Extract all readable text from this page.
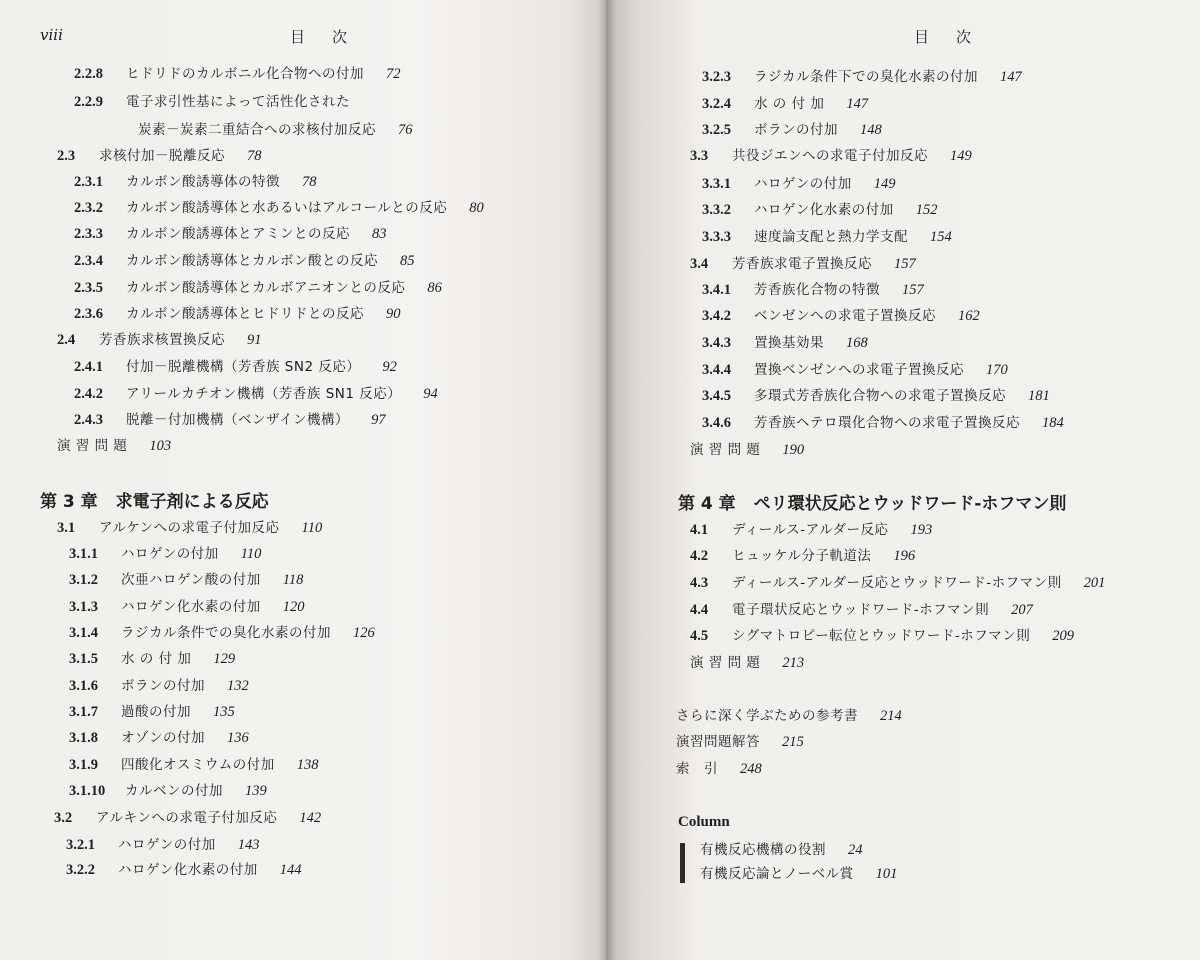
viii	目　次
2.2.8 ヒドリドのカルボニル化合物への付加 72
2.2.9 電子求引性基によって活性化された
炭素－炭素二重結合への求核付加反応 76
2.3 求核付加－脱離反応 78
2.3.1 カルボン酸誘導体の特徴 78
2.3.2 カルボン酸誘導体と水あるいはアルコールとの反応 80
2.3.3 カルボン酸誘導体とアミンとの反応 83
2.3.4 カルボン酸誘導体とカルボン酸との反応 85
2.3.5 カルボン酸誘導体とカルボアニオンとの反応 86
2.3.6 カルボン酸誘導体とヒドリドとの反応 90
2.4 芳香族求核置換反応 91
2.4.1 付加－脱離機構（芳香族 SN2 反応） 92
2.4.2 アリールカチオン機構（芳香族 SN1 反応） 94
2.4.3 脱離－付加機構（ベンザイン機構） 97
演 習 問 題 103
第 3 章 求電子剤による反応
3.1 アルケンへの求電子付加反応 110
3.1.1 ハロゲンの付加 110
3.1.2 次亜ハロゲン酸の付加 118
3.1.3 ハロゲン化水素の付加 120
3.1.4 ラジカル条件での臭化水素の付加 126
3.1.5 水 の 付 加 129
3.1.6 ボランの付加 132
3.1.7 過酸の付加 135
3.1.8 オゾンの付加 136
3.1.9 四酸化オスミウムの付加 138
3.1.10 カルベンの付加 139
3.2 アルキンへの求電子付加反応 142
3.2.1 ハロゲンの付加 143
3.2.2 ハロゲン化水素の付加 144
目　次
3.2.3 ラジカル条件下での臭化水素の付加 147
3.2.4 水 の 付 加 147
3.2.5 ボランの付加 148
3.3 共役ジエンへの求電子付加反応 149
3.3.1 ハロゲンの付加 149
3.3.2 ハロゲン化水素の付加 152
3.3.3 速度論支配と熱力学支配 154
3.4 芳香族求電子置換反応 157
3.4.1 芳香族化合物の特徴 157
3.4.2 ベンゼンへの求電子置換反応 162
3.4.3 置換基効果 168
3.4.4 置換ベンゼンへの求電子置換反応 170
3.4.5 多環式芳香族化合物への求電子置換反応 181
3.4.6 芳香族ヘテロ環化合物への求電子置換反応 184
演 習 問 題 190
第 4 章 ペリ環状反応とウッドワード-ホフマン則
4.1 ディールス-アルダー反応 193
4.2 ヒュッケル分子軌道法 196
4.3 ディールス-アルダー反応とウッドワード-ホフマン則 201
4.4 電子環状反応とウッドワード-ホフマン則 207
4.5 シグマトロピー転位とウッドワード-ホフマン則 209
演 習 問 題 213
さらに深く学ぶための参考書 214
演習問題解答 215
索　引 248
Column
有機反応機構の役割 24
有機反応論とノーベル賞 101
